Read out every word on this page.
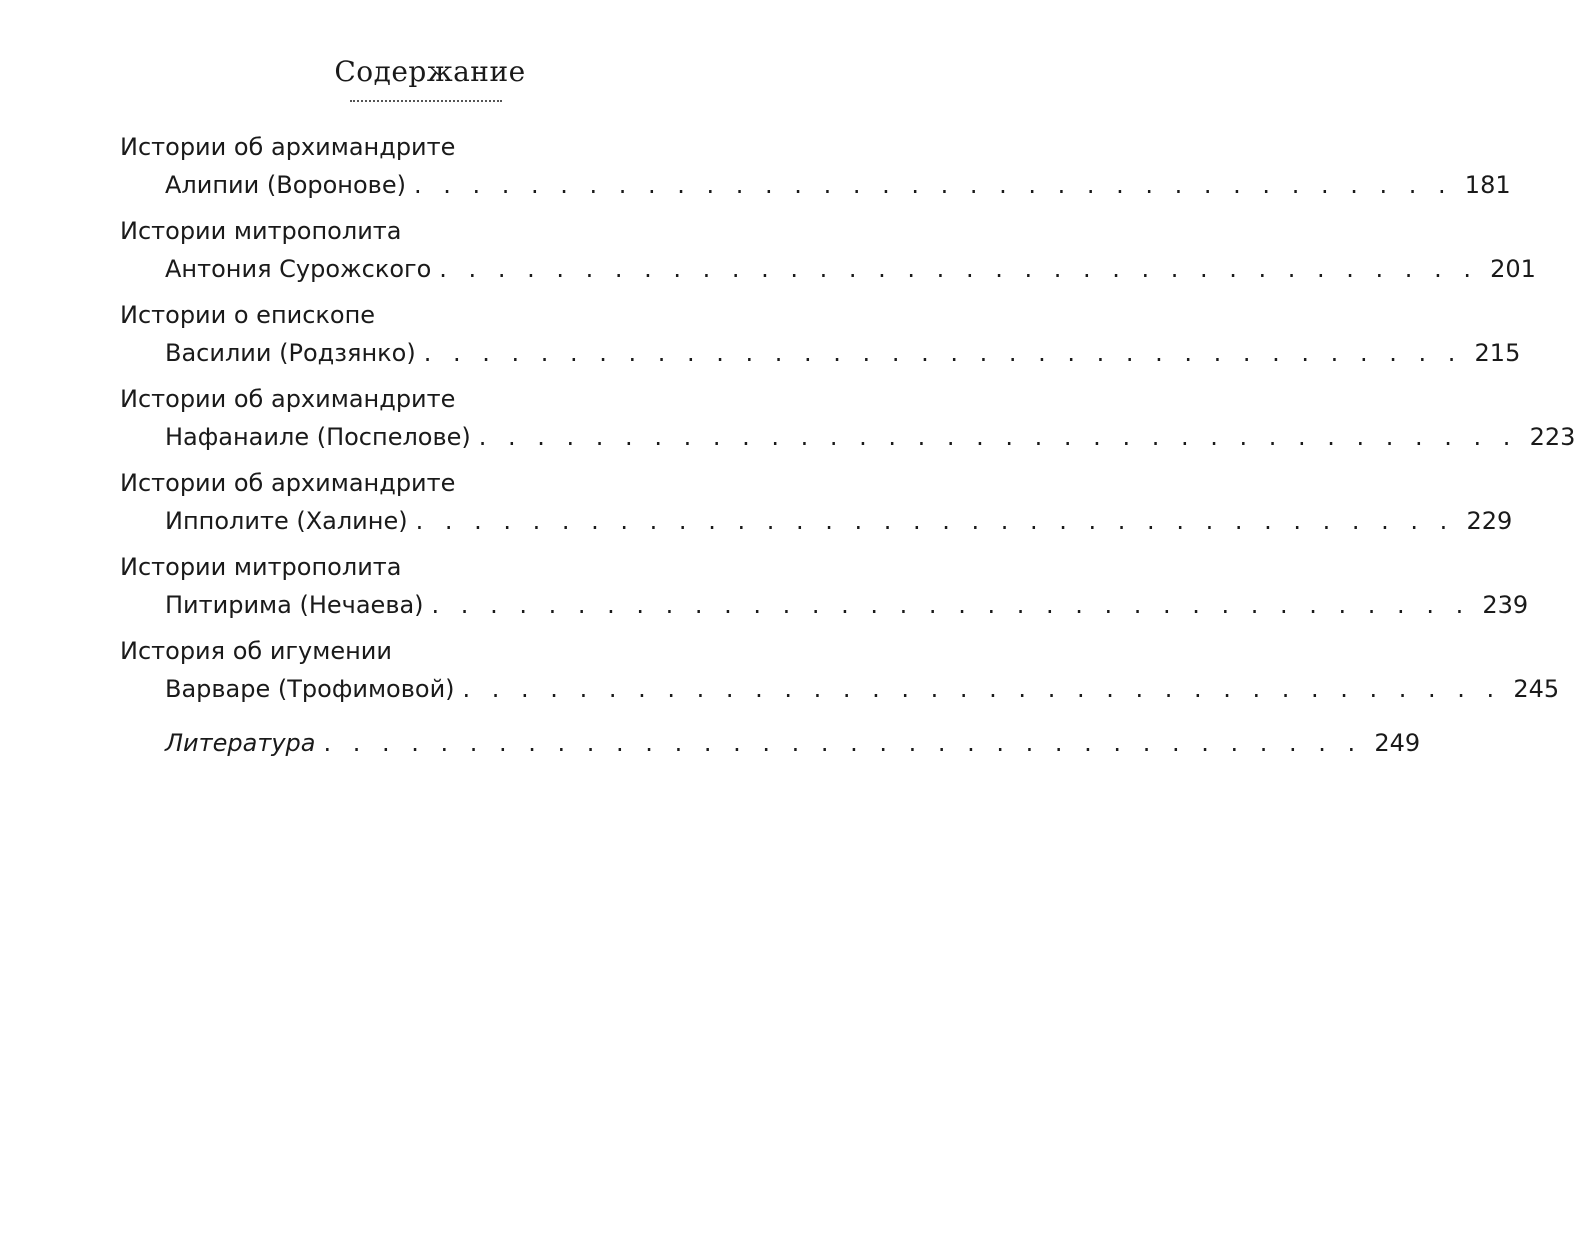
Содержание
Истории об архимандрите
Алипии (Воронове) . . . . . . . . . . . . . . . . . . . . . . . . . . . . . . . . . . . . 181
Истории митрополита
Антония Сурожского . . . . . . . . . . . . . . . . . . . . . . . . . . . . . . . . . . . . 201
Истории о епископе
Василии (Родзянко) . . . . . . . . . . . . . . . . . . . . . . . . . . . . . . . . . . . . 215
Истории об архимандрите
Нафанаиле (Поспелове) . . . . . . . . . . . . . . . . . . . . . . . . . . . . . . . . . . . . 223
Истории об архимандрите
Ипполите (Халине) . . . . . . . . . . . . . . . . . . . . . . . . . . . . . . . . . . . . 229
Истории митрополита
Питирима (Нечаева) . . . . . . . . . . . . . . . . . . . . . . . . . . . . . . . . . . . . 239
История об игумении
Варваре (Трофимовой) . . . . . . . . . . . . . . . . . . . . . . . . . . . . . . . . . . . . 245
Литература . . . . . . . . . . . . . . . . . . . . . . . . . . . . . . . . . . . . 249
